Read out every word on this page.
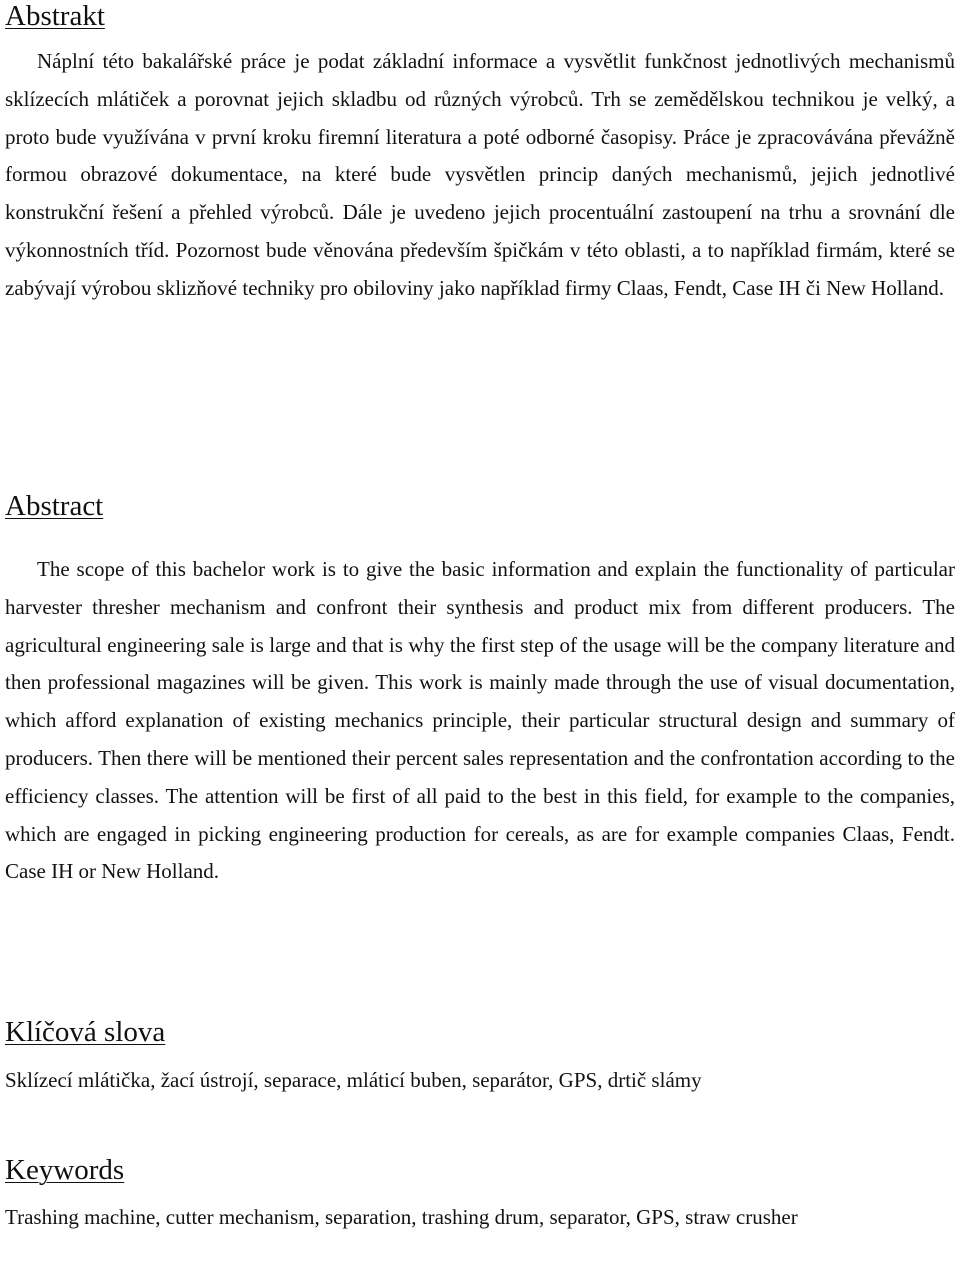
Abstrakt

Náplní této bakalářské práce je podat základní informace a vysvětlit funkčnost jednotlivých mechanismů sklízecích mlátiček a porovnat jejich skladbu od různých výrobců. Trh se zemědělskou technikou je velký, a proto bude využívána v první kroku firemní literatura a poté odborné časopisy. Práce je zpracovávána převážně formou obrazové dokumentace, na které bude vysvětlen princip daných mechanismů, jejich jednotlivé konstrukční řešení a přehled výrobců. Dále je uvedeno jejich procentuální zastoupení na trhu a srovnání dle výkonnostních tříd. Pozornost bude věnována především špičkám v této oblasti, a to například firmám, které se zabývají výrobou sklizňové techniky pro obiloviny jako například firmy Claas, Fendt, Case IH či New Holland.

Abstract

The scope of this bachelor work is to give the basic information and explain the functionality of particular harvester thresher mechanism and confront their synthesis and product mix from different producers. The agricultural engineering sale is large and that is why the first step of the usage will be the company literature and then professional magazines will be given. This work is mainly made through the use of visual documentation, which afford explanation of existing mechanics principle, their particular structural design and summary of producers. Then there will be mentioned their percent sales representation and the confrontation according to the efficiency classes. The attention will be first of all paid to the best in this field, for example to the companies, which are engaged in picking engineering production for cereals, as are for example companies Claas, Fendt. Case IH or New Holland.

Klíčová slova

Sklízecí mlátička, žací ústrojí, separace, mláticí buben, separátor, GPS, drtič slámy

Keywords

Trashing machine, cutter mechanism, separation, trashing drum, separator, GPS, straw crusher
